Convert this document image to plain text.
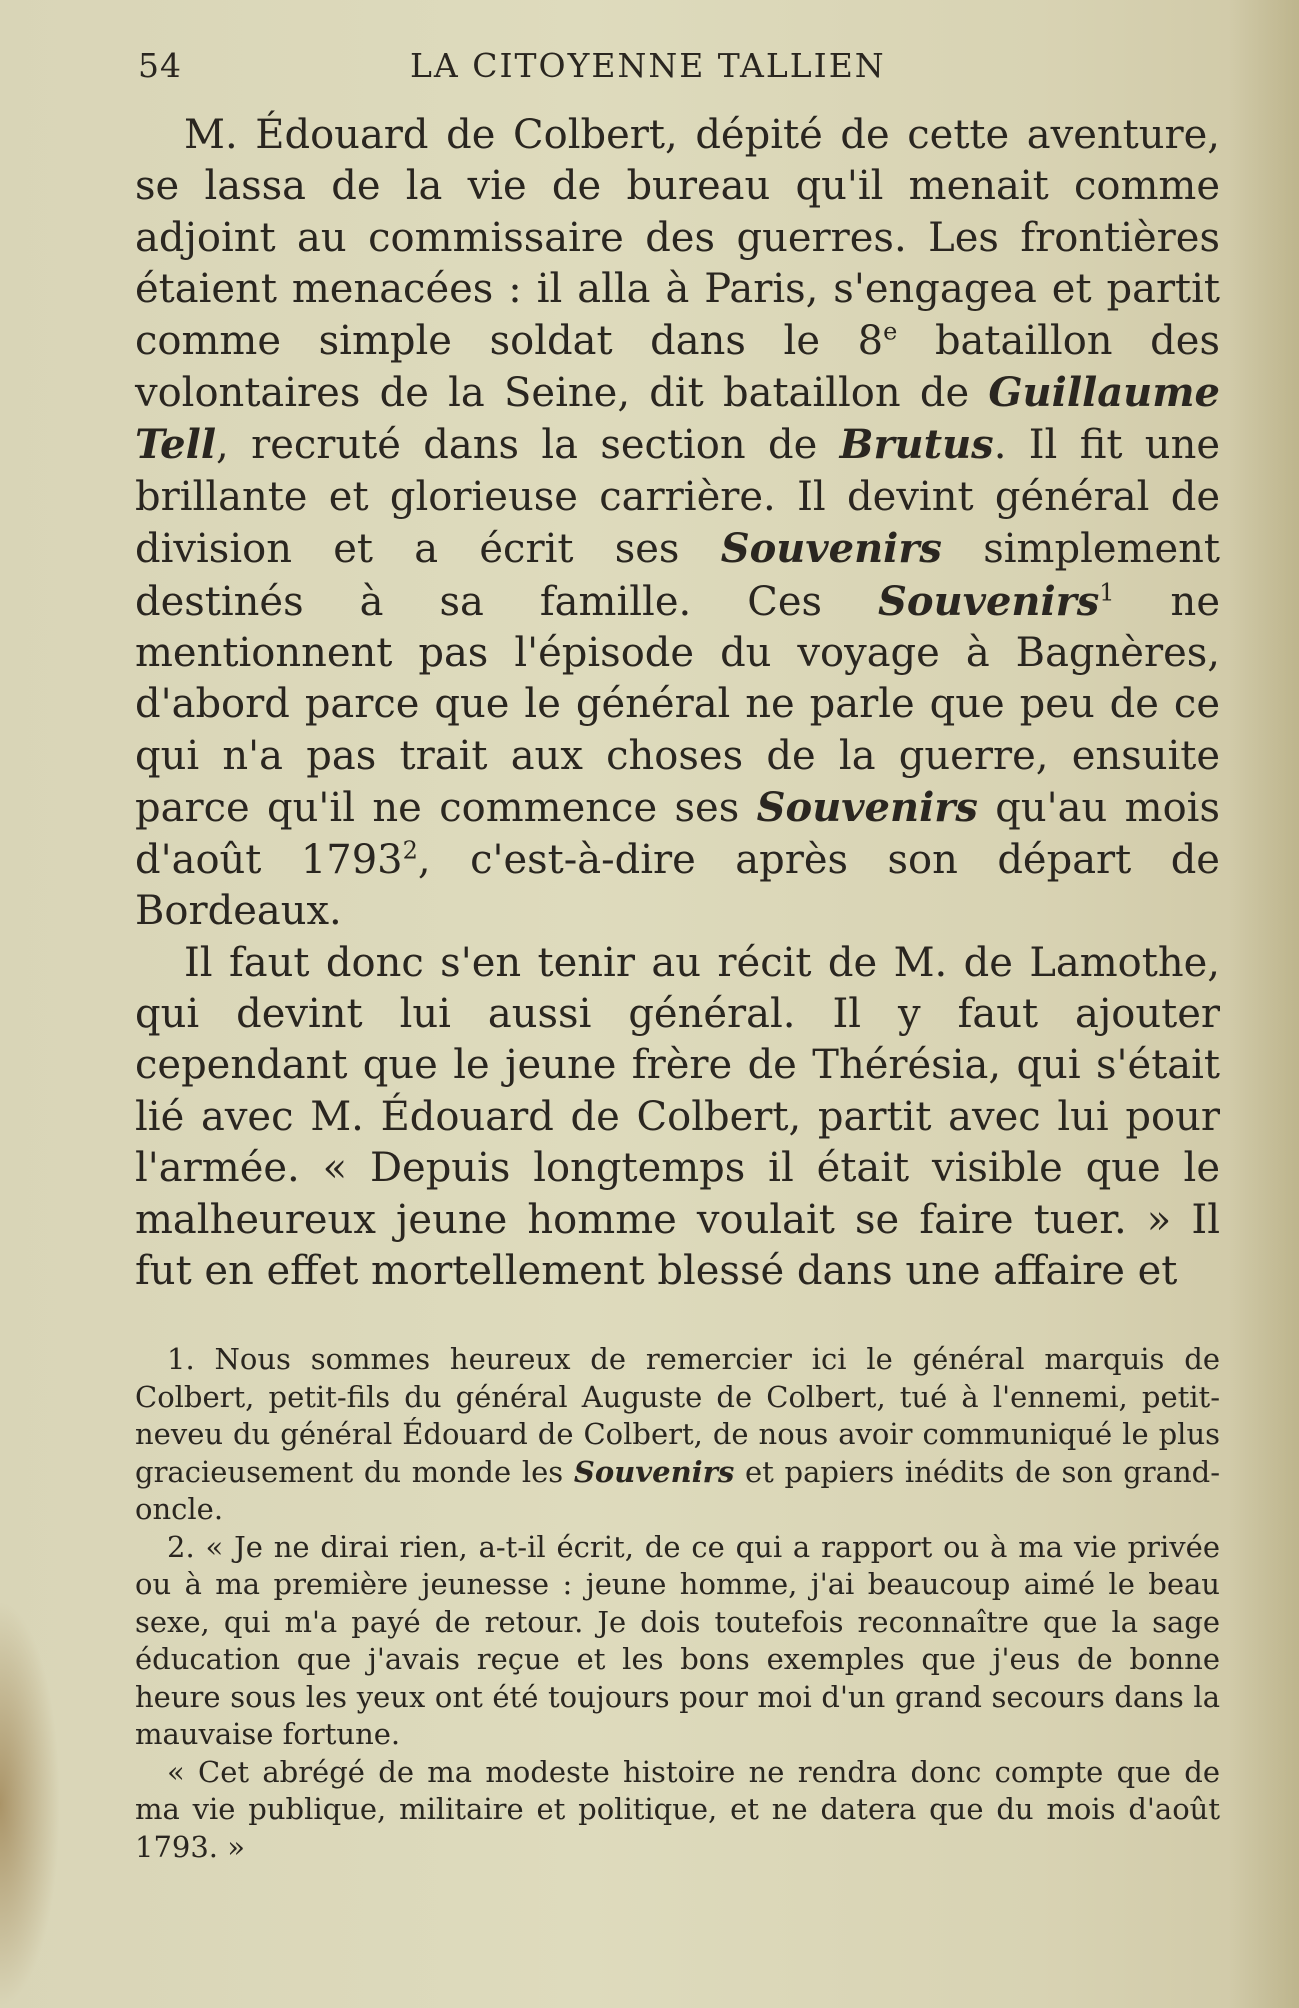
54	LA CITOYENNE TALLIEN

M. Édouard de Colbert, dépité de cette aventure, se lassa de la vie de bureau qu'il menait comme adjoint au commissaire des guerres. Les frontières étaient menacées : il alla à Paris, s'engagea et partit comme simple soldat dans le 8e bataillon des volontaires de la Seine, dit bataillon de Guillaume Tell, recruté dans la section de Brutus. Il fit une brillante et glorieuse carrière. Il devint général de division et a écrit ses Souvenirs simplement destinés à sa famille. Ces Souvenirs$^1$ ne mentionnent pas l'épisode du voyage à Bagnères, d'abord parce que le général ne parle que peu de ce qui n'a pas trait aux choses de la guerre, ensuite parce qu'il ne commence ses Souvenirs qu'au mois d'août 1793$^2$, c'est-à-dire après son départ de Bordeaux.

Il faut donc s'en tenir au récit de M. de Lamothe, qui devint lui aussi général. Il y faut ajouter cependant que le jeune frère de Thérésia, qui s'était lié avec M. Édouard de Colbert, partit avec lui pour l'armée. « Depuis longtemps il était visible que le malheureux jeune homme voulait se faire tuer. » Il fut en effet mortellement blessé dans une affaire et

1. Nous sommes heureux de remercier ici le général marquis de Colbert, petit-fils du général Auguste de Colbert, tué à l'ennemi, petit-neveu du général Édouard de Colbert, de nous avoir communiqué le plus gracieusement du monde les Souvenirs et papiers inédits de son grand-oncle.

2. « Je ne dirai rien, a-t-il écrit, de ce qui a rapport ou à ma vie privée ou à ma première jeunesse : jeune homme, j'ai beaucoup aimé le beau sexe, qui m'a payé de retour. Je dois toutefois reconnaître que la sage éducation que j'avais reçue et les bons exemples que j'eus de bonne heure sous les yeux ont été toujours pour moi d'un grand secours dans la mauvaise fortune.

« Cet abrégé de ma modeste histoire ne rendra donc compte que de ma vie publique, militaire et politique, et ne datera que du mois d'août 1793. »
